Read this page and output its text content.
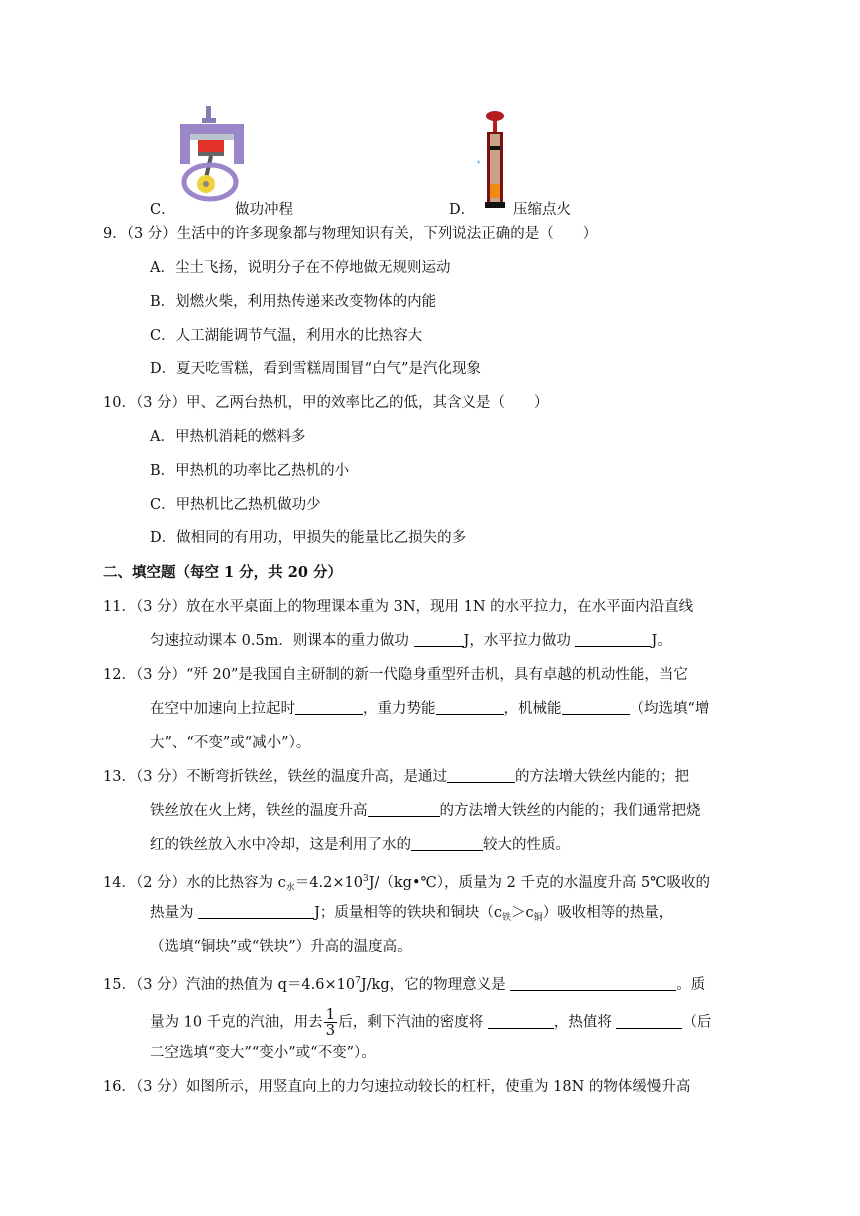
*
C．	做功冲程	D．	压缩点火
9．（3 分）生活中的许多现象都与物理知识有关，下列说法正确的是（　　）
A．尘土飞扬，说明分子在不停地做无规则运动
B．划燃火柴，利用热传递来改变物体的内能
C．人工湖能调节气温，利用水的比热容大
D．夏天吃雪糕，看到雪糕周围冒“白气”是汽化现象
10．（3 分）甲、乙两台热机，甲的效率比乙的低，其含义是（　　）
A．甲热机消耗的燃料多
B．甲热机的功率比乙热机的小
C．甲热机比乙热机做功少
D．做相同的有用功，甲损失的能量比乙损失的多
二、填空题（每空 1 分，共 20 分）
11．（3 分）放在水平桌面上的物理课本重为 3N，现用 1N 的水平拉力，在水平面内沿直线
匀速拉动课本 0.5m．则课本的重力做功	J，水平拉力做功	J。
12．（3 分）“歼 20”是我国自主研制的新一代隐身重型歼击机，具有卓越的机动性能，当它
在空中加速向上拉起时	，重力势能	，机械能	（均选填“增
大”、“不变”或“减小”）。
13．（3 分）不断弯折铁丝，铁丝的温度升高，是通过	的方法增大铁丝内能的；把
铁丝放在火上烤，铁丝的温度升高	的方法增大铁丝的内能的；我们通常把烧
红的铁丝放入水中冷却，这是利用了水的	较大的性质。
14．（2 分）水的比热容为 $c_水=4.2\times 10^3J/(kg•℃)$，质量为 2 千克的水温度升高 5℃吸收的
热量为	J；质量相等的铁块和铜块$(c_铁>c_铜)$吸收相等的热量，
（选填“铜块”或“铁块”）升高的温度高。
15．（3 分）汽油的热值为 $q=4.6\times 10^7J/kg$，它的物理意义是	。质
量为 10 千克的汽油，用去 $\frac{1}{3}$ 后，剩下汽油的密度将	，热值将	（后
二空选填“变大”“变小”或“不变”）。
16．（3 分）如图所示，用竖直向上的力匀速拉动较长的杠杆，使重为 18N 的物体缓慢升高
